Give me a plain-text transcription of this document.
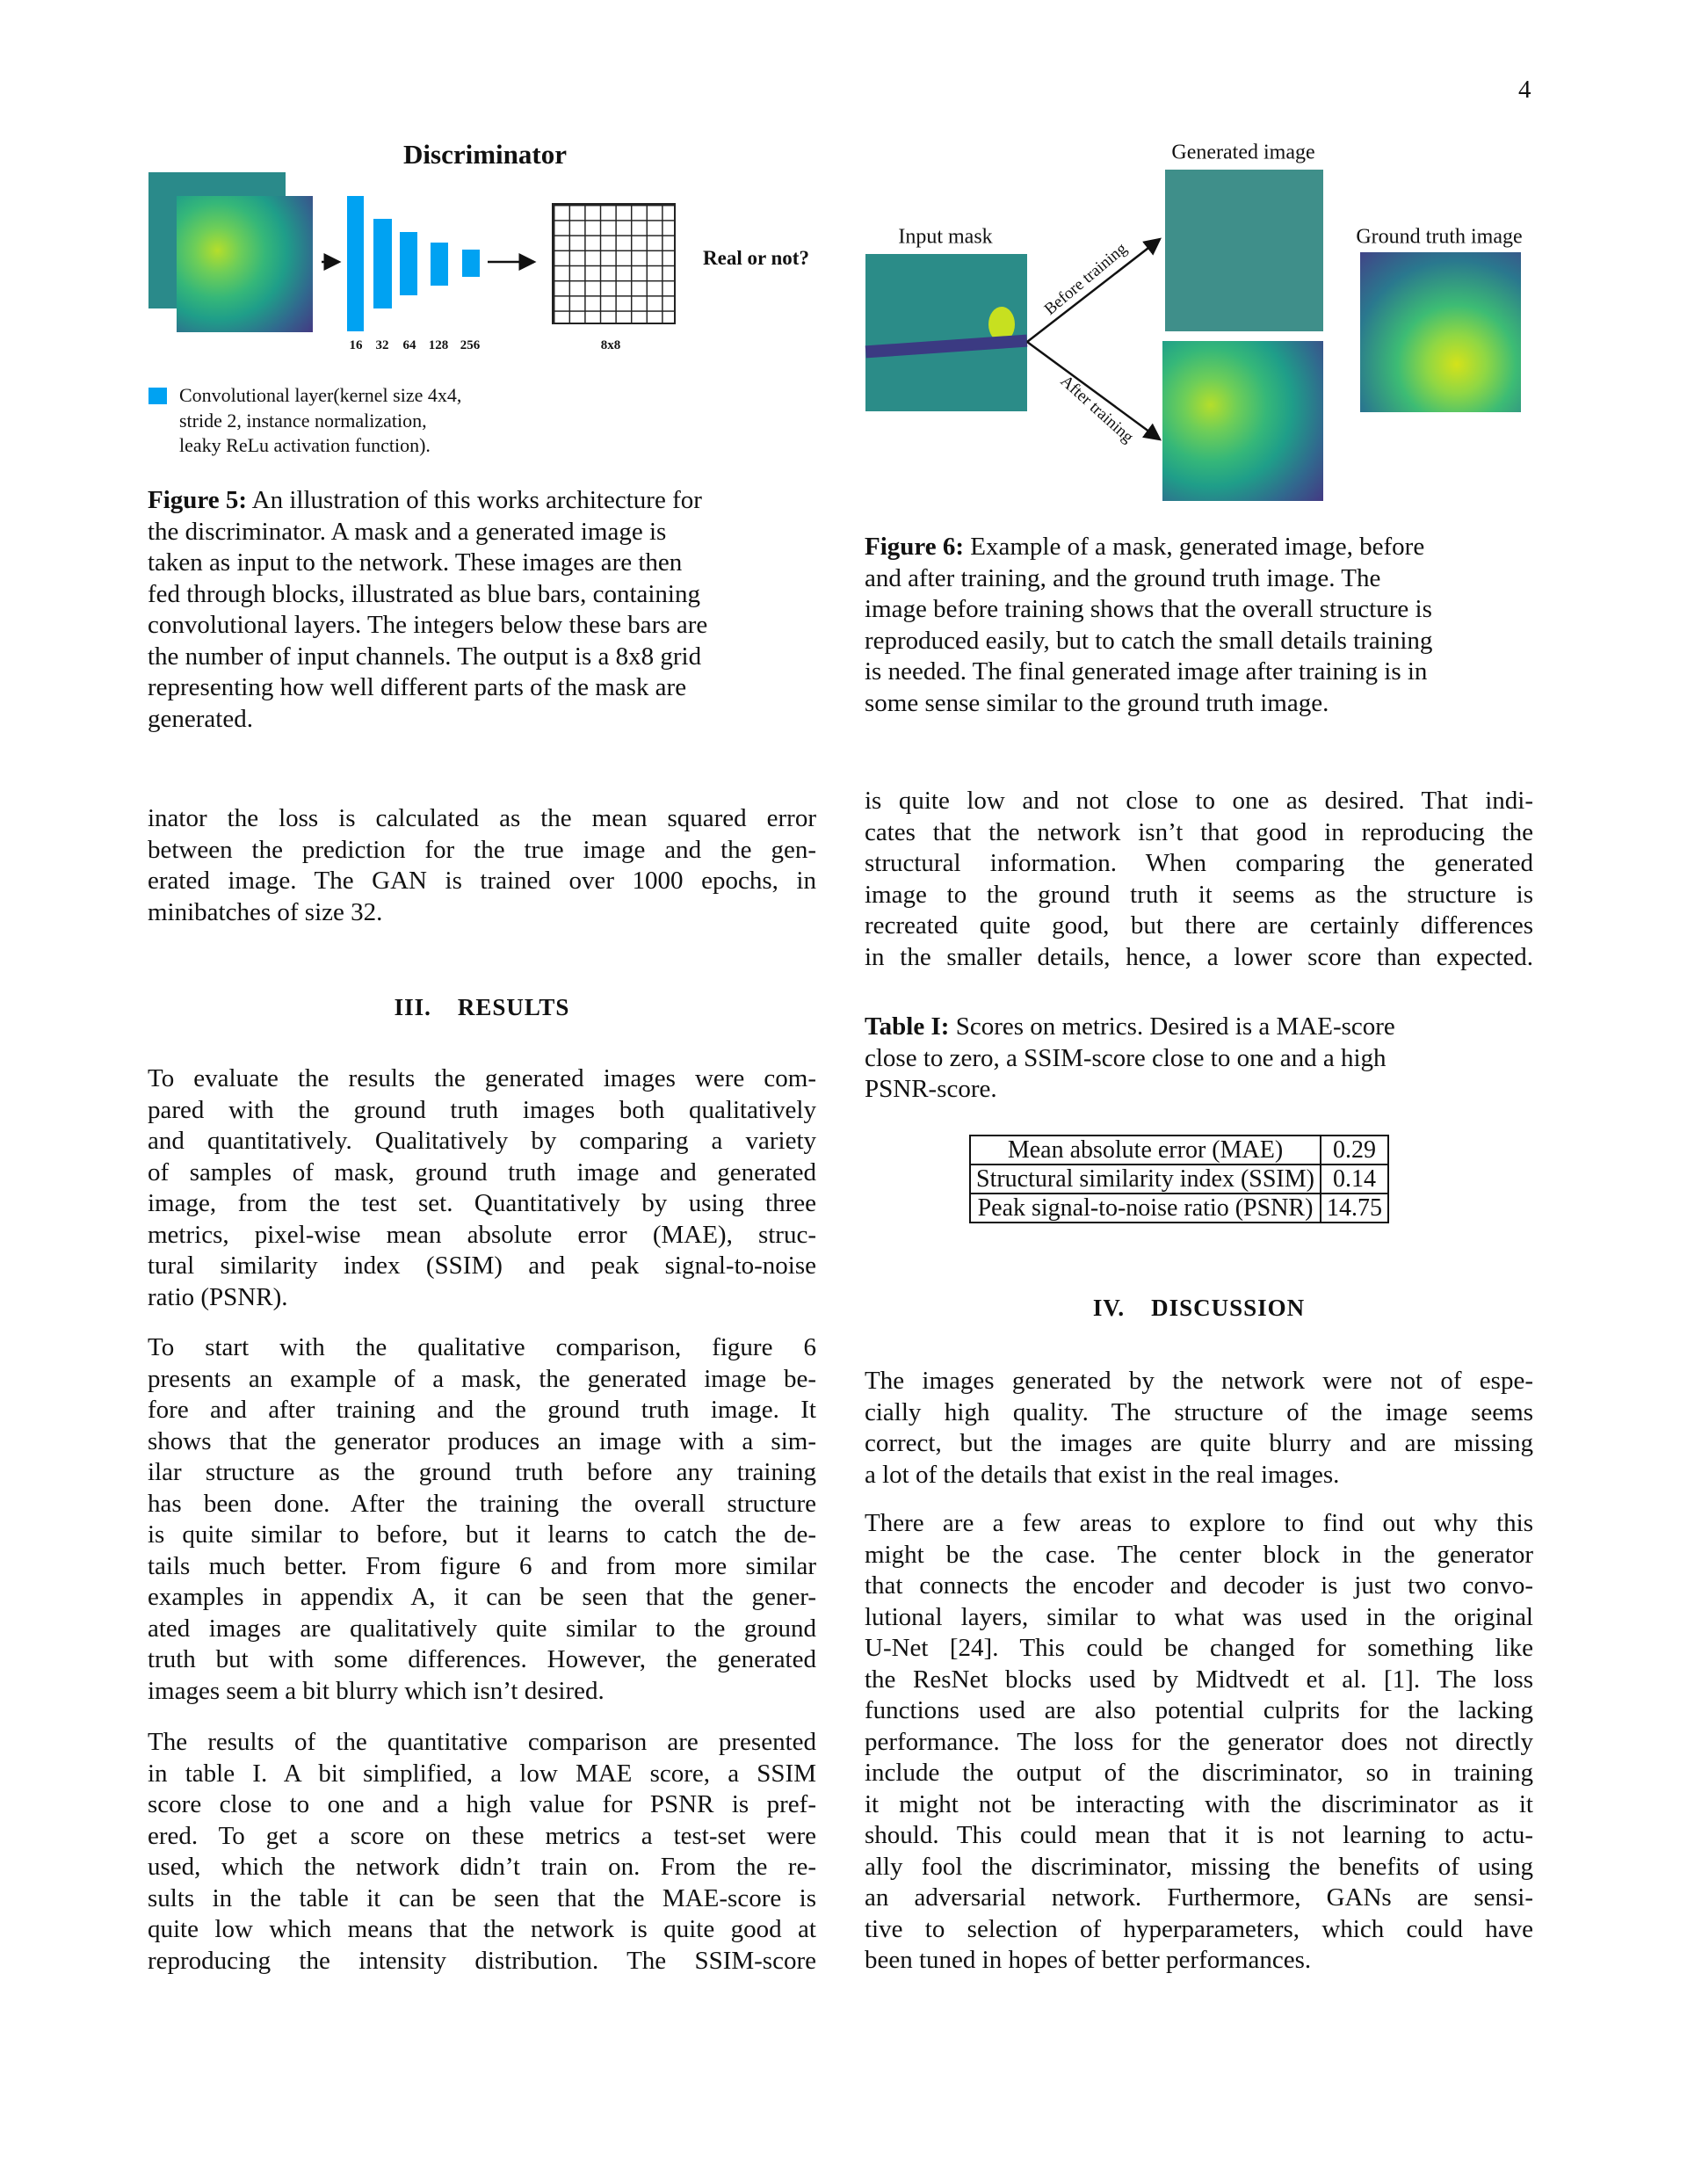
4
Discriminator
16 32 64 128 256	8x8
Real or not?
Convolutional layer(kernel size 4x4,
stride 2, instance normalization,
leaky ReLu activation function).
Generated image
Input mask	Ground truth image
Before training
After training
Figure 5: An illustration of this works architecture for
the discriminator. A mask and a generated image is
taken as input to the network. These images are then
fed through blocks, illustrated as blue bars, containing
convolutional layers. The integers below these bars are
the number of input channels. The output is a 8x8 grid
representing how well different parts of the mask are
generated.
inator the loss is calculated as the mean squared error
between the prediction for the true image and the gen-
erated image. The GAN is trained over 1000 epochs, in
minibatches of size 32.
III. RESULTS
To evaluate the results the generated images were com-
pared with the ground truth images both qualitatively
and quantitatively. Qualitatively by comparing a variety
of samples of mask, ground truth image and generated
image, from the test set. Quantitatively by using three
metrics, pixel-wise mean absolute error (MAE), struc-
tural similarity index (SSIM) and peak signal-to-noise
ratio (PSNR).
To start with the qualitative comparison, figure 6
presents an example of a mask, the generated image be-
fore and after training and the ground truth image. It
shows that the generator produces an image with a sim-
ilar structure as the ground truth before any training
has been done. After the training the overall structure
is quite similar to before, but it learns to catch the de-
tails much better. From figure 6 and from more similar
examples in appendix A, it can be seen that the gener-
ated images are qualitatively quite similar to the ground
truth but with some differences. However, the generated
images seem a bit blurry which isn’t desired.
The results of the quantitative comparison are presented
in table I. A bit simplified, a low MAE score, a SSIM
score close to one and a high value for PSNR is pref-
ered. To get a score on these metrics a test-set were
used, which the network didn’t train on. From the re-
sults in the table it can be seen that the MAE-score is
quite low which means that the network is quite good at
reproducing the intensity distribution. The SSIM-score
Figure 6: Example of a mask, generated image, before
and after training, and the ground truth image. The
image before training shows that the overall structure is
reproduced easily, but to catch the small details training
is needed. The final generated image after training is in
some sense similar to the ground truth image.
is quite low and not close to one as desired. That indi-
cates that the network isn’t that good in reproducing the
structural information. When comparing the generated
image to the ground truth it seems as the structure is
recreated quite good, but there are certainly differences
in the smaller details, hence, a lower score than expected.
Table I: Scores on metrics. Desired is a MAE-score
close to zero, a SSIM-score close to one and a high
PSNR-score.
Mean absolute error (MAE)	0.29
Structural similarity index (SSIM)	0.14
Peak signal-to-noise ratio (PSNR)	14.75
IV. DISCUSSION
The images generated by the network were not of espe-
cially high quality. The structure of the image seems
correct, but the images are quite blurry and are missing
a lot of the details that exist in the real images.
There are a few areas to explore to find out why this
might be the case. The center block in the generator
that connects the encoder and decoder is just two convo-
lutional layers, similar to what was used in the original
U-Net [24]. This could be changed for something like
the ResNet blocks used by Midtvedt et al. [1]. The loss
functions used are also potential culprits for the lacking
performance. The loss for the generator does not directly
include the output of the discriminator, so in training
it might not be interacting with the discriminator as it
should. This could mean that it is not learning to actu-
ally fool the discriminator, missing the benefits of using
an adversarial network. Furthermore, GANs are sensi-
tive to selection of hyperparameters, which could have
been tuned in hopes of better performances.
